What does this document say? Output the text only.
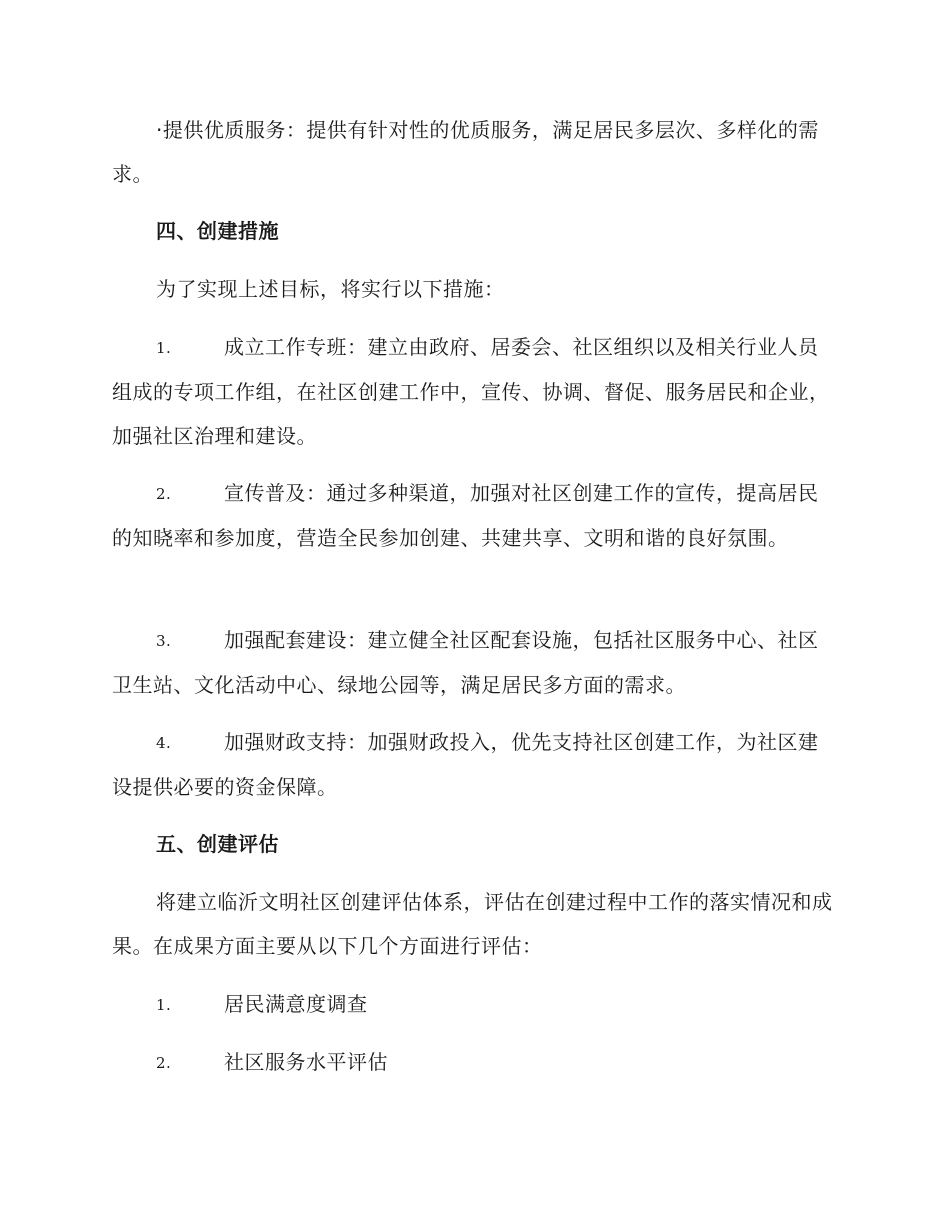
·提供优质服务：提供有针对性的优质服务，满足居民多层次、多样化的需求。

四、创建措施

为了实现上述目标，将实行以下措施：

1.	成立工作专班：建立由政府、居委会、社区组织以及相关行业人员组成的专项工作组，在社区创建工作中，宣传、协调、督促、服务居民和企业，加强社区治理和建设。

2.	宣传普及：通过多种渠道，加强对社区创建工作的宣传，提高居民的知晓率和参加度，营造全民参加创建、共建共享、文明和谐的良好氛围。

3.	加强配套建设：建立健全社区配套设施，包括社区服务中心、社区卫生站、文化活动中心、绿地公园等，满足居民多方面的需求。

4.	加强财政支持：加强财政投入，优先支持社区创建工作，为社区建设提供必要的资金保障。

五、创建评估

将建立临沂文明社区创建评估体系，评估在创建过程中工作的落实情况和成果。在成果方面主要从以下几个方面进行评估：

1.	居民满意度调查

2.	社区服务水平评估
